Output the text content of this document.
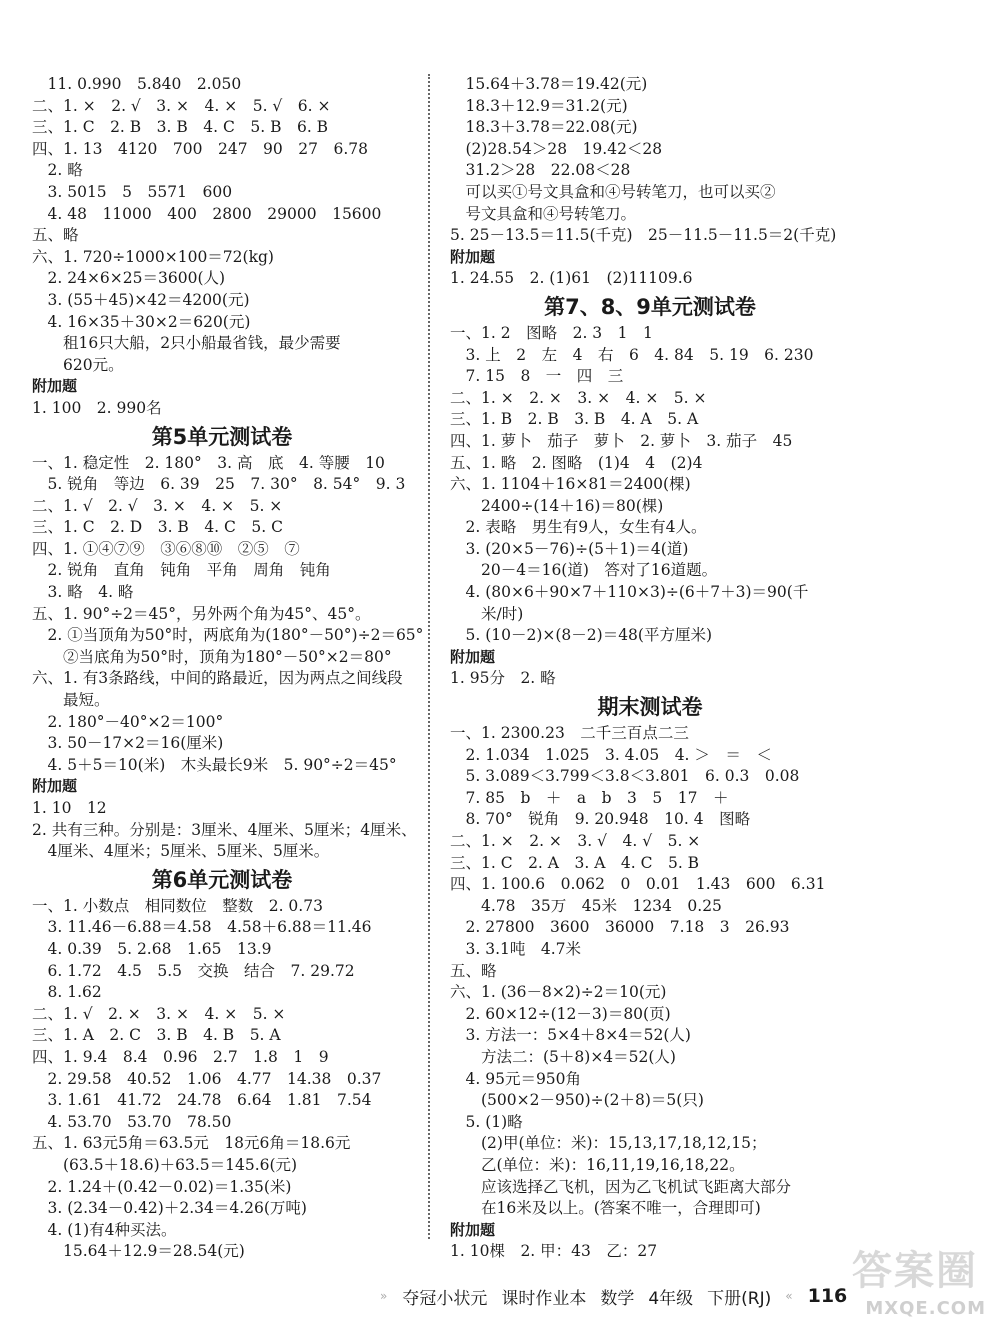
　11. 0.990　5.840　2.050
二、1. ×　2. √　3. ×　4. ×　5. √　6. ×
三、1. C　2. B　3. B　4. C　5. B　6. B
四、1. 13　4120　700　247　90　27　6.78
　2. 略
　3. 5015　5　5571　600
　4. 48　11000　400　2800　29000　15600
五、略
六、1. 720÷1000×100＝72(kg)
　2. 24×6×25＝3600(人)
　3. (55＋45)×42＝4200(元)
　4. 16×35＋30×2＝620(元)
　　租16只大船，2只小船最省钱，最少需要
　　620元。
附加题
1. 100　2. 990名
第5单元测试卷
一、1. 稳定性　2. 180°　3. 高　底　4. 等腰　10
　5. 锐角　等边　6. 39　25　7. 30°　8. 54°　9. 3
二、1. √　2. √　3. ×　4. ×　5. ×
三、1. C　2. D　3. B　4. C　5. C
四、1. ①④⑦⑨　③⑥⑧⑩　②⑤　⑦
　2. 锐角　直角　钝角　平角　周角　钝角
　3. 略　4. 略
五、1. 90°÷2＝45°，另外两个角为45°、45°。
　2. ①当顶角为50°时，两底角为(180°－50°)÷2＝65°
　　②当底角为50°时，顶角为180°－50°×2＝80°
六、1. 有3条路线，中间的路最近，因为两点之间线段
　　最短。
　2. 180°－40°×2＝100°
　3. 50－17×2＝16(厘米)
　4. 5＋5＝10(米)　木头最长9米　5. 90°÷2＝45°
附加题
1. 10　12
2. 共有三种。分别是：3厘米、4厘米、5厘米；4厘米、
　4厘米、4厘米；5厘米、5厘米、5厘米。
第6单元测试卷
一、1. 小数点　相同数位　整数　2. 0.73
　3. 11.46－6.88＝4.58　4.58＋6.88＝11.46
　4. 0.39　5. 2.68　1.65　13.9
　6. 1.72　4.5　5.5　交换　结合　7. 29.72
　8. 1.62
二、1. √　2. ×　3. ×　4. ×　5. ×
三、1. A　2. C　3. B　4. B　5. A
四、1. 9.4　8.4　0.96　2.7　1.8　1　9
　2. 29.58　40.52　1.06　4.77　14.38　0.37
　3. 1.61　41.72　24.78　6.64　1.81　7.54
　4. 53.70　53.70　78.50
五、1. 63元5角＝63.5元　18元6角＝18.6元
　　(63.5＋18.6)＋63.5＝145.6(元)
　2. 1.24＋(0.42－0.02)＝1.35(米)
　3. (2.34－0.42)＋2.34＝4.26(万吨)
　4. (1)有4种买法。
　　15.64＋12.9＝28.54(元)
　15.64＋3.78＝19.42(元)
　18.3＋12.9＝31.2(元)
　18.3＋3.78＝22.08(元)
　(2)28.54＞28　19.42＜28
　31.2＞28　22.08＜28
　可以买①号文具盒和④号转笔刀，也可以买②
　号文具盒和④号转笔刀。
5. 25－13.5＝11.5(千克)　25－11.5－11.5＝2(千克)
附加题
1. 24.55　2. (1)61　(2)11109.6
第7、8、9单元测试卷
一、1. 2　图略　2. 3　1　1
　3. 上　2　左　4　右　6　4. 84　5. 19　6. 230
　7. 15　8　一　四　三
二、1. ×　2. ×　3. ×　4. ×　5. ×
三、1. B　2. B　3. B　4. A　5. A
四、1. 萝卜　茄子　萝卜　2. 萝卜　3. 茄子　45
五、1. 略　2. 图略　(1)4　4　(2)4
六、1. 1104＋16×81＝2400(棵)
　　2400÷(14＋16)＝80(棵)
　2. 表略　男生有9人，女生有4人。
　3. (20×5－76)÷(5＋1)＝4(道)
　　20－4＝16(道)　答对了16道题。
　4. (80×6＋90×7＋110×3)÷(6＋7＋3)＝90(千
　　米/时)
　5. (10－2)×(8－2)＝48(平方厘米)
附加题
1. 95分　2. 略
期末测试卷
一、1. 2300.23　二千三百点二三
　2. 1.034　1.025　3. 4.05　4. ＞　＝　＜
　5. 3.089＜3.799＜3.8＜3.801　6. 0.3　0.08
　7. 85　b　＋　a　b　3　5　17　＋
　8. 70°　锐角　9. 20.948　10. 4　图略
二、1. ×　2. ×　3. √　4. √　5. ×
三、1. C　2. A　3. A　4. C　5. B
四、1. 100.6　0.062　0　0.01　1.43　600　6.31
　　4.78　35万　45米　1234　0.25
　2. 27800　3600　36000　7.18　3　26.93
　3. 3.1吨　4.7米
五、略
六、1. (36－8×2)÷2＝10(元)
　2. 60×12÷(12－3)＝80(页)
　3. 方法一：5×4＋8×4＝52(人)
　　方法二：(5＋8)×4＝52(人)
　4. 95元＝950角
　　(500×2－950)÷(2＋8)＝5(只)
　5. (1)略
　　(2)甲(单位：米)：15,13,17,18,12,15；
　　乙(单位：米)：16,11,19,16,18,22。
　　应该选择乙飞机，因为乙飞机试飞距离大部分
　　在16米及以上。(答案不唯一，合理即可)
附加题
1. 10棵　2. 甲：43　乙：27
» 夺冠小状元 课时作业本 数学 4年级 下册(RJ) « 116
答案圈
MXQE.COM
